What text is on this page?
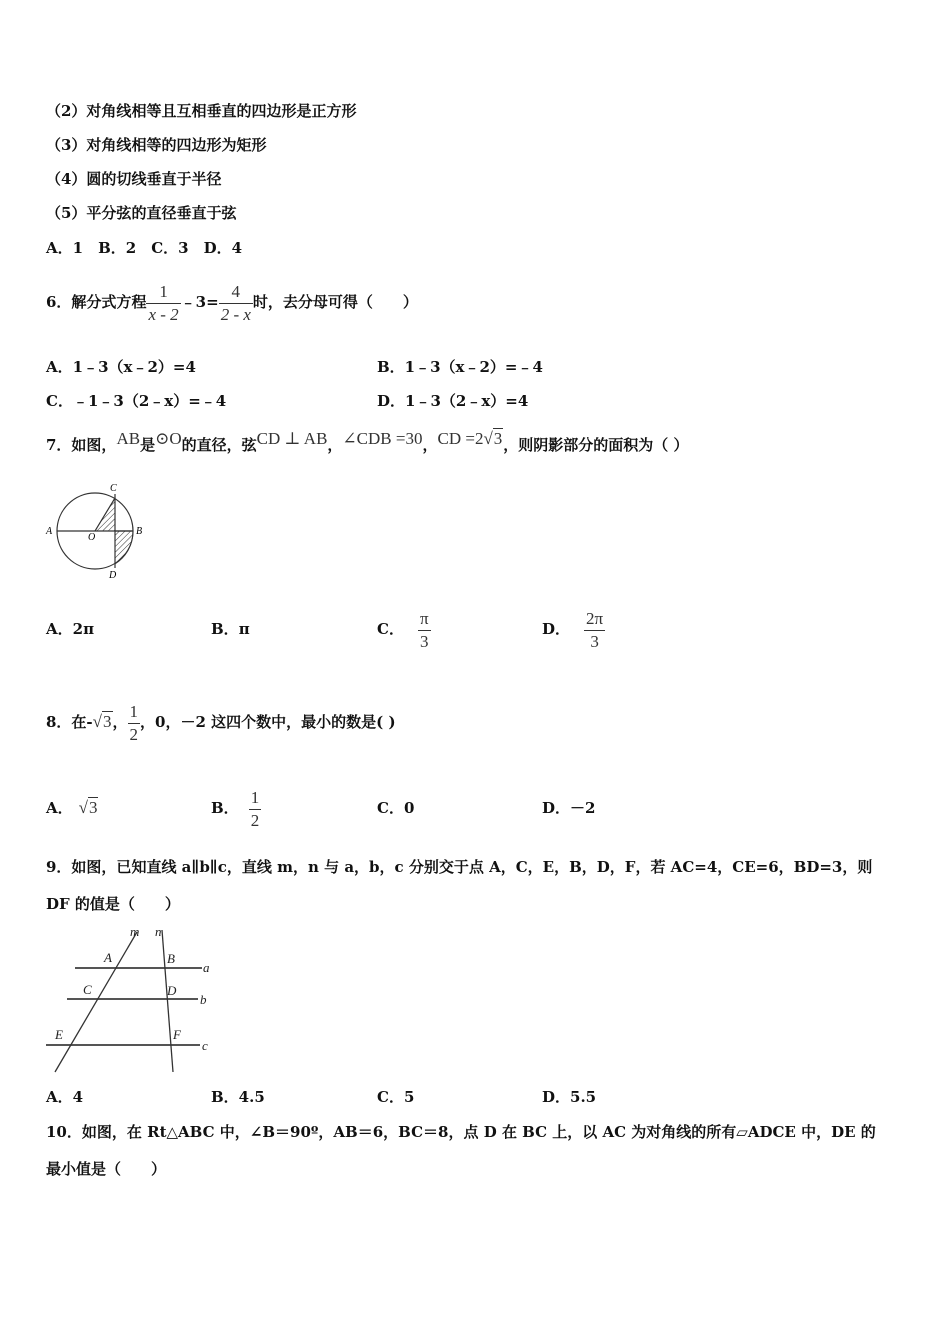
（2）对角线相等且互相垂直的四边形是正方形
（3）对角线相等的四边形为矩形
（4）圆的切线垂直于半径
（5）平分弦的直径垂直于弦
A．1　B．2　C．3　D．4
6．解分式方程 $\frac{1}{x - 2}$ ﹣3= $\frac{4}{2 - x}$ 时，去分母可得（　　）
A．1﹣3（x﹣2）=4	B．1﹣3（x﹣2）=﹣4
C．﹣1﹣3（2﹣x）=﹣4	D．1﹣3（2﹣x）=4
7．如图，AB是⊙O的直径，弦CD ⊥ AB，∠CDB =30，CD =2√3，则阴影部分的面积为（ ）
A	B
C
D
O
A．2π	B．π	C． $\frac{\pi}{3}$	D． $\frac{2\pi}{3}$
8．在-√3， $\frac{1}{2}$ ，0，－2 这四个数中，最小的数是( )
A． √3	B． $\frac{1}{2}$	C．0	D．－2
9．如图，已知直线 a∥b∥c，直线 m，n 与 a，b，c 分别交于点 A，C，E，B，D，F，若 AC=4，CE=6，BD=3，则
DF 的值是（　　）
m n
A	B
C	D
E	F
a
b
c
A．4	B．4.5	C．5	D．5.5
10．如图，在 Rt△ABC 中，∠B＝90º，AB＝6，BC＝8，点 D 在 BC 上，以 AC 为对角线的所有▱ADCE 中，DE 的
最小值是（　　）
